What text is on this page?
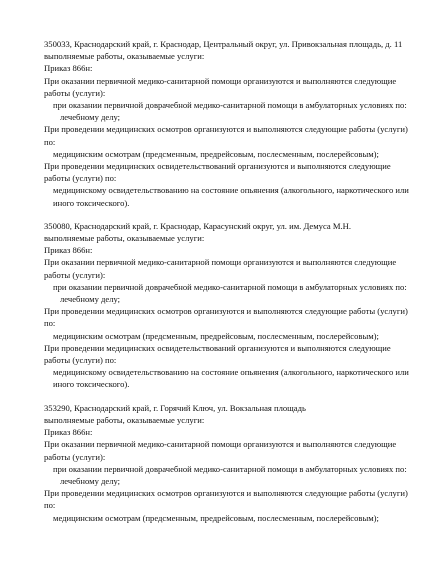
350033, Краснодарский край, г. Краснодар, Центральный округ, ул. Привокзальная площадь, д. 11
выполняемые работы, оказываемые услуги:
Приказ 866н:
При оказании первичной медико-санитарной помощи организуются и выполняются следующие работы (услуги):
при оказании первичной доврачебной медико-санитарной помощи в амбулаторных условиях по:
лечебному делу;
При проведении медицинских осмотров организуются и выполняются следующие работы (услуги) по:
медицинским осмотрам (предсменным, предрейсовым, послесменным, послерейсовым);
При проведении медицинских освидетельствований организуются и выполняются следующие работы (услуги) по:
медицинскому освидетельствованию на состояние опьянения (алкогольного, наркотического или иного токсического).
350080, Краснодарский край, г. Краснодар, Карасунский округ, ул. им. Демуса М.Н.
выполняемые работы, оказываемые услуги:
Приказ 866н:
При оказании первичной медико-санитарной помощи организуются и выполняются следующие работы (услуги):
при оказании первичной доврачебной медико-санитарной помощи в амбулаторных условиях по:
лечебному делу;
При проведении медицинских осмотров организуются и выполняются следующие работы (услуги) по:
медицинским осмотрам (предсменным, предрейсовым, послесменным, послерейсовым);
При проведении медицинских освидетельствований организуются и выполняются следующие работы (услуги) по:
медицинскому освидетельствованию на состояние опьянения (алкогольного, наркотического или иного токсического).
353290, Краснодарский край, г. Горячий Ключ, ул. Вокзальная площадь
выполняемые работы, оказываемые услуги:
Приказ 866н:
При оказании первичной медико-санитарной помощи организуются и выполняются следующие работы (услуги):
при оказании первичной доврачебной медико-санитарной помощи в амбулаторных условиях по:
лечебному делу;
При проведении медицинских осмотров организуются и выполняются следующие работы (услуги) по:
медицинским осмотрам (предсменным, предрейсовым, послесменным, послерейсовым);
